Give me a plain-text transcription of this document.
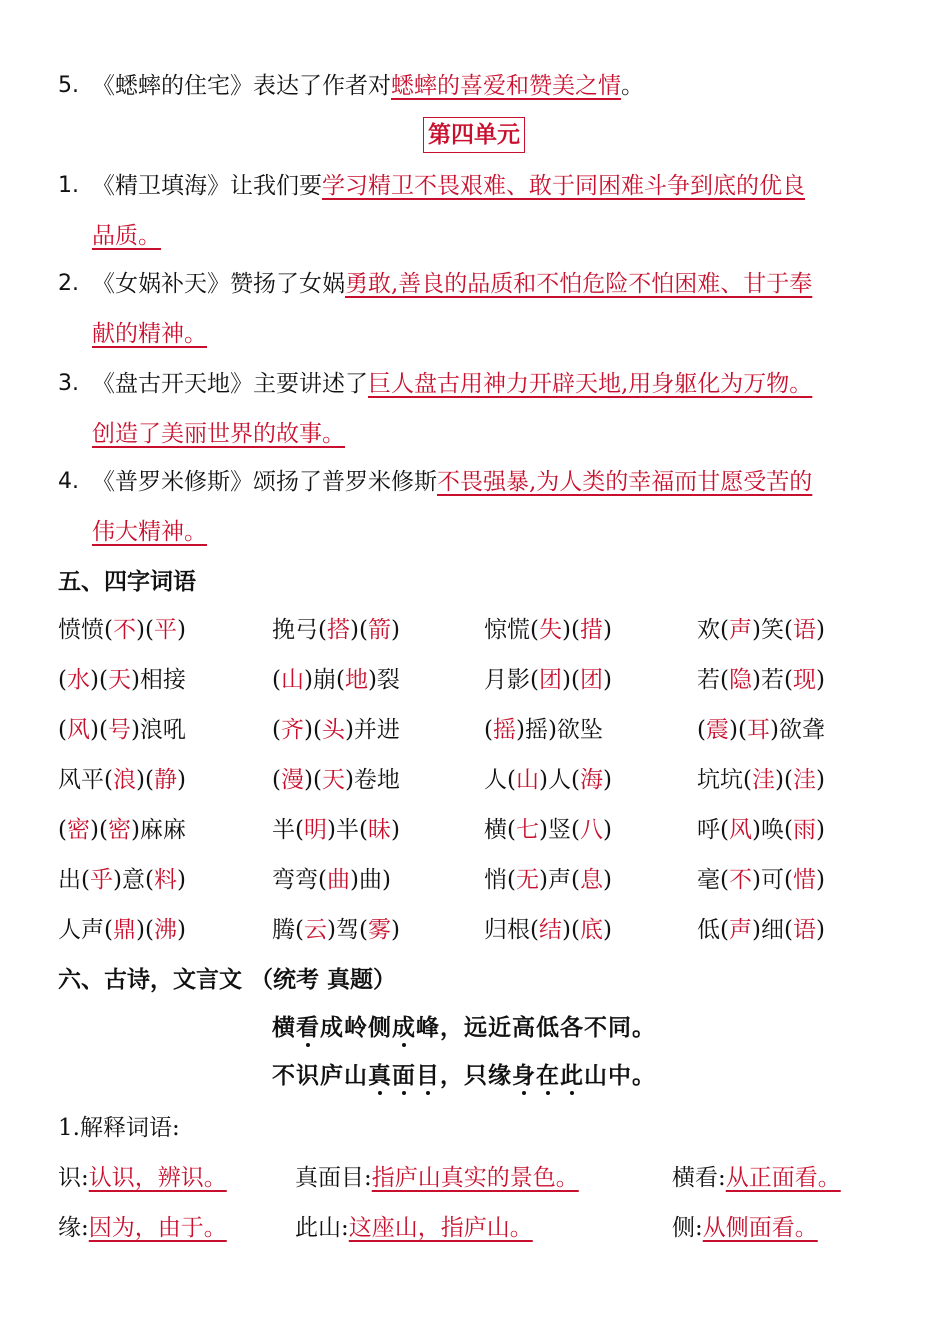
5. 《蟋蟀的住宅》表达了作者对蟋蟀的喜爱和赞美之情。
第四单元
1. 《精卫填海》让我们要学习精卫不畏艰难、敢于同困难斗争到底的优良
品质。
2. 《女娲补天》赞扬了女娲勇敢,善良的品质和不怕危险不怕困难、甘于奉
献的精神。
3. 《盘古开天地》主要讲述了巨人盘古用神力开辟天地,用身躯化为万物。
创造了美丽世界的故事。
4. 《普罗米修斯》颂扬了普罗米修斯不畏强暴,为人类的幸福而甘愿受苦的
伟大精神。
五、四字词语
愤愤(不)(平)	挽弓(搭)(箭)	惊慌(失)(措)	欢(声)笑(语)
(水)(天)相接	(山)崩(地)裂	月影(团)(团)	若(隐)若(现)
(风)(号)浪吼	(齐)(头)并进	(摇)摇)欲坠	(震)(耳)欲聋
风平(浪)(静)	(漫)(天)卷地	人(山)人(海)	坑坑(洼)(洼)
(密)(密)麻麻	半(明)半(昧)	横(七)竖(八)	呼(风)唤(雨)
出(乎)意(料)	弯弯(曲)曲)	悄(无)声(息)	毫(不)可(惜)
人声(鼎)(沸)	腾(云)驾(雾)	归根(结)(底)	低(声)细(语)
六、古诗，文言文 （统考 真题）
横看成岭侧成峰，远近高低各不同。
不识庐山真面目，只缘身在此山中。
1.解释词语:
识:认识，辨识。	真面目:指庐山真实的景色。	横看:从正面看。
缘:因为，由于。	此山:这座山，指庐山。	侧:从侧面看。
